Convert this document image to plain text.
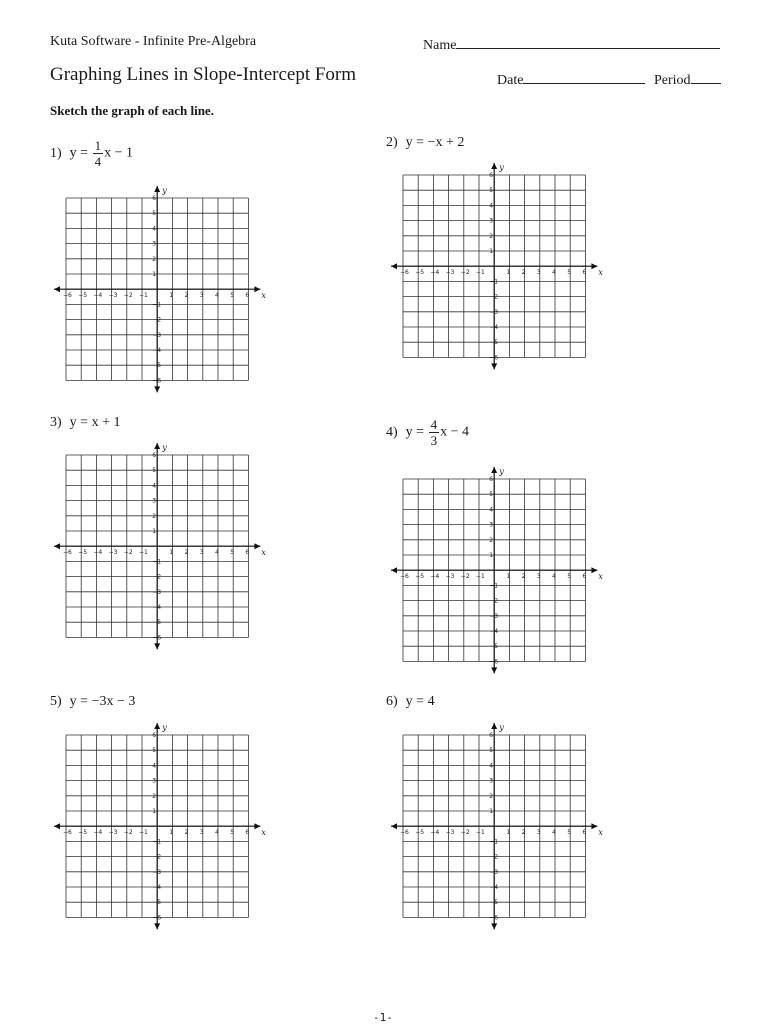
Kuta Software - Infinite Pre-Algebra	Name
Graphing Lines in Slope-Intercept Form	Date	Period
Sketch the graph of each line.
1) $y = \frac{1}{4}$ x − 1
2) y = −x + 2
3) y = x + 1
4) $y = \frac{4}{3}$ x − 4
5) y = −3x − 3	6) y = 4
x
y
−6 −5 −4 −3 −2 −1	1 2 3 4 5 6
6
5
4
3
2
1
−1
−2
−3
−4
−5
−6
x
y
−6 −5 −4 −3 −2 −1	1 2 3 4 5 6
6
5
4
3
2
1
−1
−2
−3
−4
−5
−6
x
y
−6 −5 −4 −3 −2 −1	1 2 3 4 5 6
6
5
4
3
2
1
−1
−2
−3
−4
−5
−6
x
y
−6 −5 −4 −3 −2 −1	1 2 3 4 5 6
6
5
4
3
2
1
−1
−2
−3
−4
−5
−6
x
y
−6 −5 −4 −3 −2 −1	1 2 3 4 5 6
6
5
4
3
2
1
−1
−2
−3
−4
−5
−6
x
y
−6 −5 −4 −3 −2 −1	1 2 3 4 5 6
6
5
4
3
2
1
−1
−2
−3
−4
−5
−6
-1-
